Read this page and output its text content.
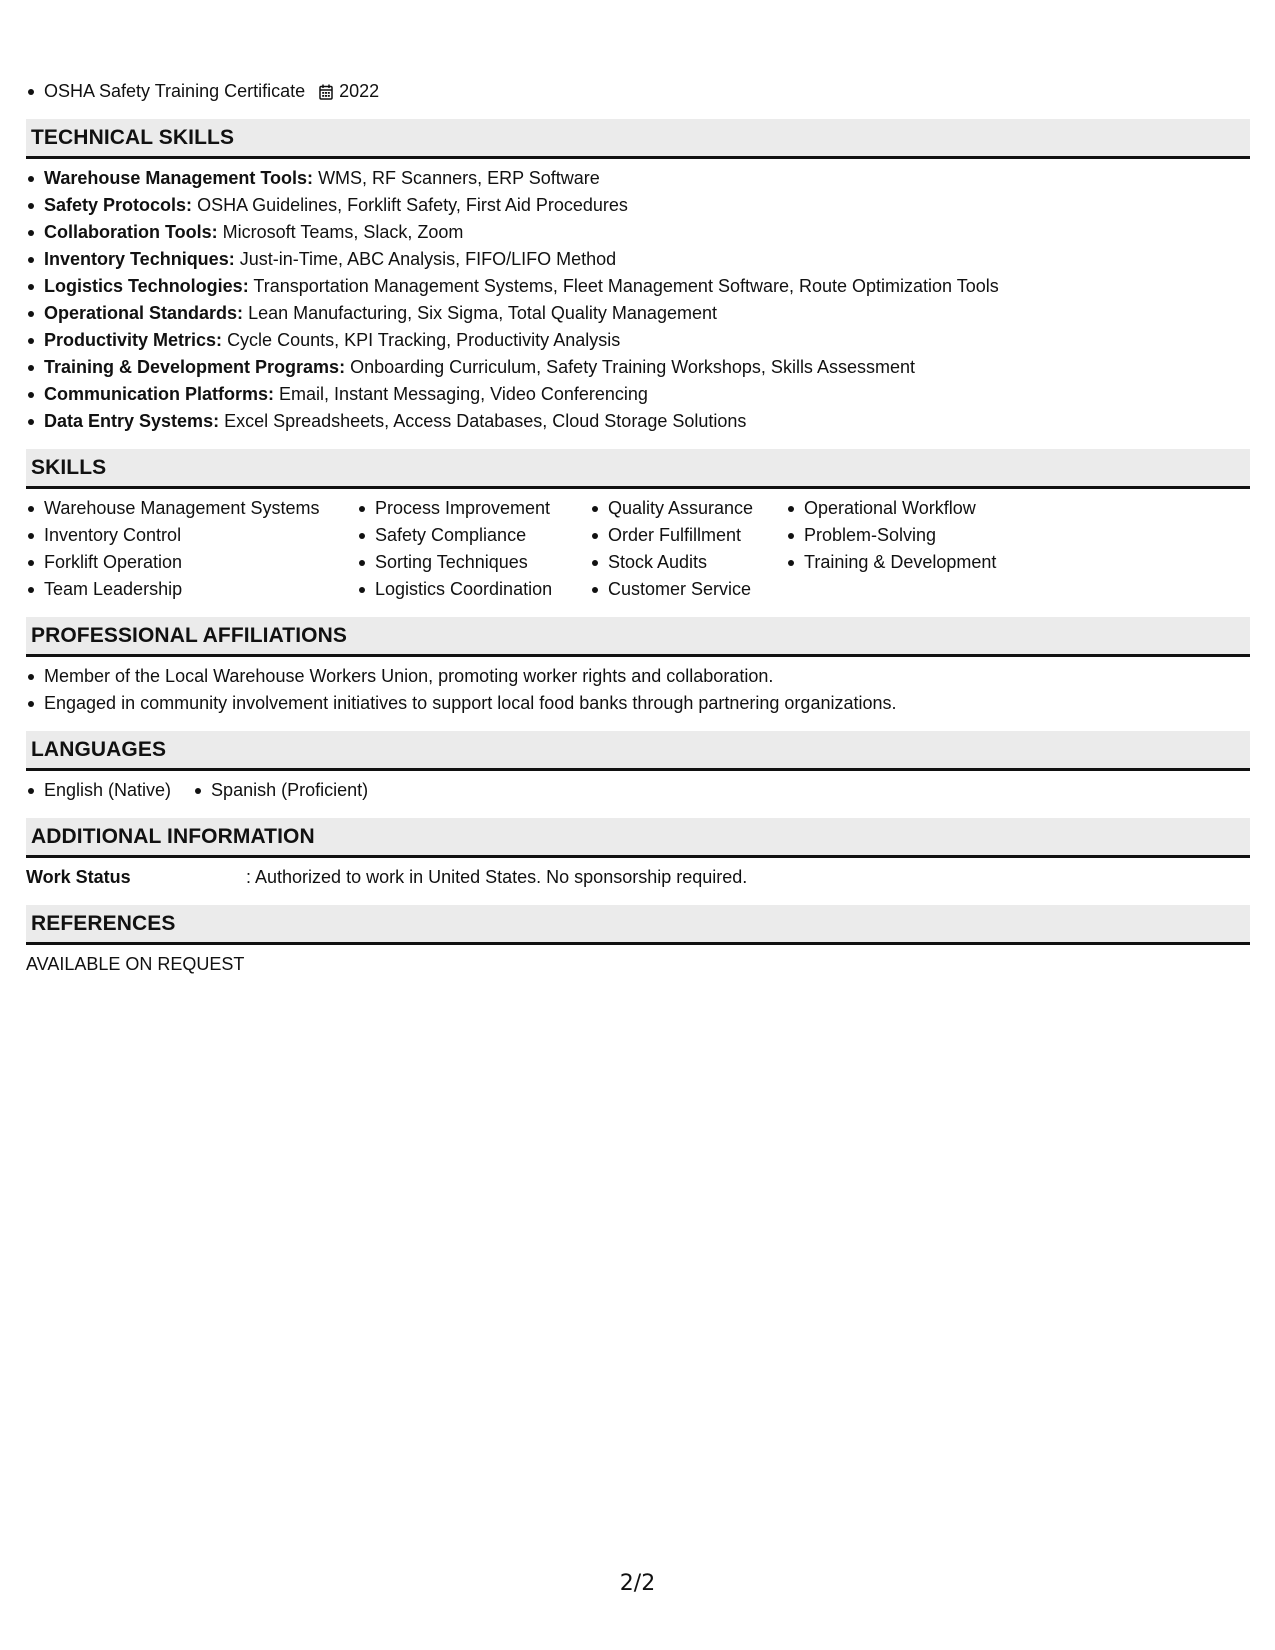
OSHA Safety Training Certificate 2022
TECHNICAL SKILLS
Warehouse Management Tools: WMS, RF Scanners, ERP Software
Safety Protocols: OSHA Guidelines, Forklift Safety, First Aid Procedures
Collaboration Tools: Microsoft Teams, Slack, Zoom
Inventory Techniques: Just-in-Time, ABC Analysis, FIFO/LIFO Method
Logistics Technologies: Transportation Management Systems, Fleet Management Software, Route Optimization Tools
Operational Standards: Lean Manufacturing, Six Sigma, Total Quality Management
Productivity Metrics: Cycle Counts, KPI Tracking, Productivity Analysis
Training & Development Programs: Onboarding Curriculum, Safety Training Workshops, Skills Assessment
Communication Platforms: Email, Instant Messaging, Video Conferencing
Data Entry Systems: Excel Spreadsheets, Access Databases, Cloud Storage Solutions
SKILLS
Warehouse Management Systems
Inventory Control
Forklift Operation
Team Leadership
Process Improvement
Safety Compliance
Sorting Techniques
Logistics Coordination
Quality Assurance
Order Fulfillment
Stock Audits
Customer Service
Operational Workflow
Problem-Solving
Training & Development
PROFESSIONAL AFFILIATIONS
Member of the Local Warehouse Workers Union, promoting worker rights and collaboration.
Engaged in community involvement initiatives to support local food banks through partnering organizations.
LANGUAGES
English (Native)	Spanish (Proficient)
ADDITIONAL INFORMATION
Work Status	: Authorized to work in United States. No sponsorship required.
REFERENCES
AVAILABLE ON REQUEST
2/2
